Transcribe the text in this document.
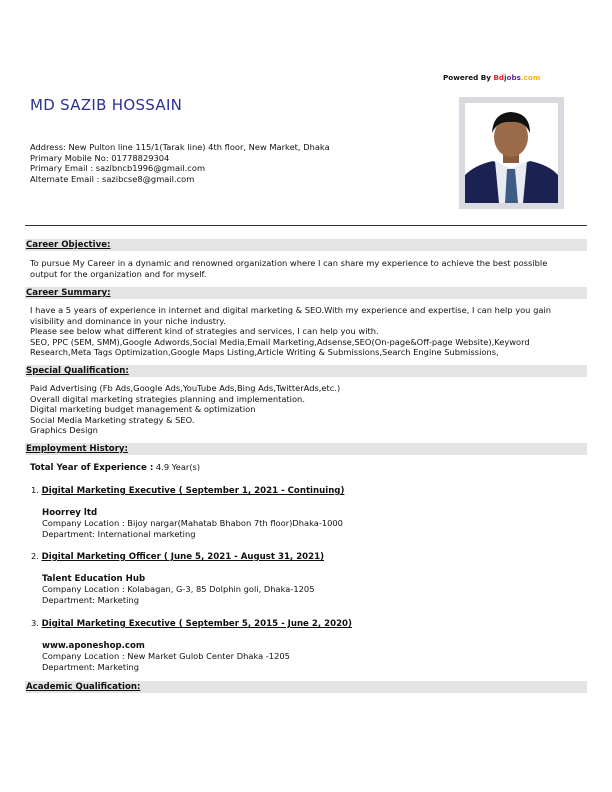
Powered By Bdjobs.com
MD SAZIB HOSSAIN
Address: New Pulton line 115/1(Tarak line) 4th floor, New Market, Dhaka
Primary Mobile No: 01778829304
Primary Email : sazibncb1996@gmail.com
Alternate Email : sazibcse8@gmail.com
Career Objective:
To pursue My Career in a dynamic and renowned organization where I can share my experience to achieve the best possible
output for the organization and for myself.
Career Summary:
I have a 5 years of experience in internet and digital marketing & SEO.With my experience and expertise, I can help you gain
visibility and dominance in your niche industry.
Please see below what different kind of strategies and services, I can help you with.
SEO, PPC (SEM, SMM),Google Adwords,Social Media,Email Marketing,Adsense,SEO(On-page&Off-page Website),Keyword
Research,Meta Tags Optimization,Google Maps Listing,Article Writing & Submissions,Search Engine Submissions,
Special Qualification:
Paid Advertising (Fb Ads,Google Ads,YouTube Ads,Bing Ads,TwitterAds,etc.)
Overall digital marketing strategies planning and implementation.
Digital marketing budget management & optimization
Social Media Marketing strategy & SEO.
Graphics Design
Employment History:
Total Year of Experience : 4.9 Year(s)
1. Digital Marketing Executive ( September 1, 2021 - Continuing)
Hoorrey ltd
Company Location : Bijoy nargar(Mahatab Bhabon 7th floor)Dhaka-1000
Department: International marketing
2. Digital Marketing Officer ( June 5, 2021 - August 31, 2021)
Talent Education Hub
Company Location : Kolabagan, G-3, 85 Dolphin goli, Dhaka-1205
Department: Marketing
3. Digital Marketing Executive ( September 5, 2015 - June 2, 2020)
www.aponeshop.com
Company Location : New Market Gulob Center Dhaka -1205
Department: Marketing
Academic Qualification:
